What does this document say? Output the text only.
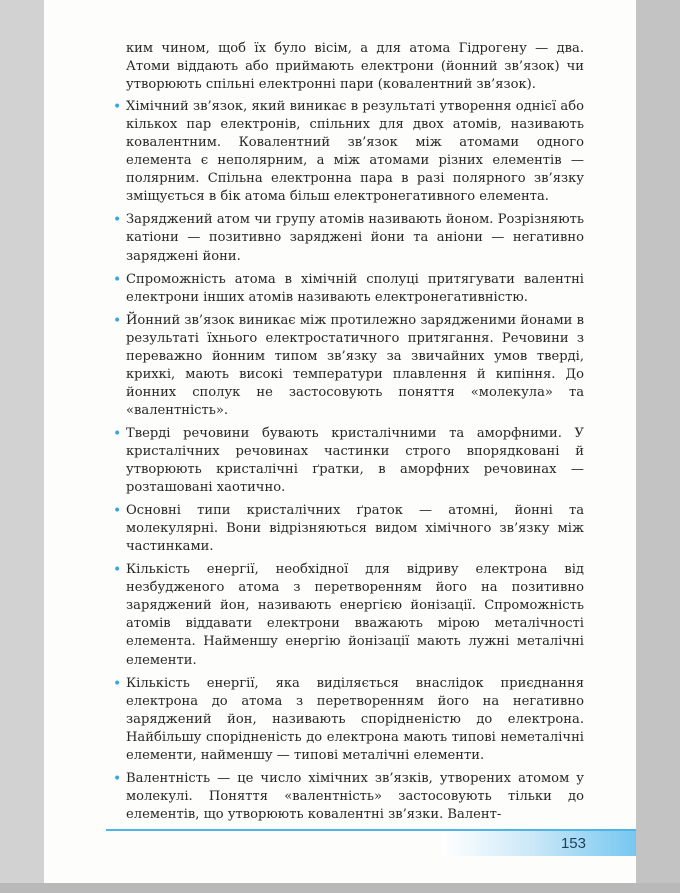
ким чином, щоб їх було вісім, а для атома Гідрогену — два. Атоми віддають або приймають електрони (йонний зв’язок) чи утворюють спільні електронні пари (ковалентний зв’язок).

• Хімічний зв’язок, який виникає в результаті утворення однієї або кількох пар електронів, спільних для двох атомів, називають ковалентним. Ковалентний зв’язок між атомами одного елемента є неполярним, а між атомами різних елементів — полярним. Спільна електронна пара в разі полярного зв’язку зміщується в бік атома більш електронегативного елемента.
• Заряджений атом чи групу атомів називають йоном. Розрізняють катіони — позитивно заряджені йони та аніони — негативно заряджені йони.
• Спроможність атома в хімічній сполуці притягувати валентні електрони інших атомів називають електронегативністю.
• Йонний зв’язок виникає між протилежно зарядженими йонами в результаті їхнього електростатичного притягання. Речовини з переважно йонним типом зв’язку за звичайних умов тверді, крихкі, мають високі температури плавлення й кипіння. До йонних сполук не застосовують поняття «молекула» та «валентність».
• Тверді речовини бувають кристалічними та аморфними. У кристалічних речовинах частинки строго впорядковані й утворюють кристалічні ґратки, в аморфних речовинах — розташовані хаотично.
• Основні типи кристалічних ґраток — атомні, йонні та молекулярні. Вони відрізняються видом хімічного зв’язку між частинками.
• Кількість енергії, необхідної для відриву електрона від незбудженого атома з перетворенням його на позитивно заряджений йон, називають енергією йонізації. Спроможність атомів віддавати електрони вважають мірою металічності елемента. Найменшу енергію йонізації мають лужні металічні елементи.
• Кількість енергії, яка виділяється внаслідок приєднання електрона до атома з перетворенням його на негативно заряджений йон, називають спорідненістю до електрона. Найбільшу спорідненість до електрона мають типові неметалічні елементи, найменшу — типові металічні елементи.
• Валентність — це число хімічних зв’язків, утворених атомом у молекулі. Поняття «валентність» застосовують тільки до елементів, що утворюють ковалентні зв’язки. Валент-
153
